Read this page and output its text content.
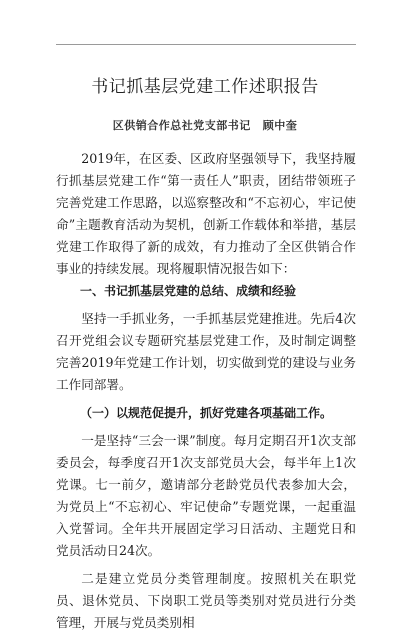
书记抓基层党建工作述职报告
区供销合作总社党支部书记 顾中奎

2019年，在区委、区政府坚强领导下，我坚持履行抓基层党建工作“第一责任人”职责，团结带领班子完善党建工作思路，以巡察整改和“不忘初心，牢记使命”主题教育活动为契机，创新工作载体和举措，基层党建工作取得了新的成效，有力推动了全区供销合作事业的持续发展。现将履职情况报告如下：

一、书记抓基层党建的总结、成绩和经验

坚持一手抓业务，一手抓基层党建推进。先后4次召开党组会议专题研究基层党建工作，及时制定调整完善2019年党建工作计划，切实做到党的建设与业务工作同部署。

（一）以规范促提升，抓好党建各项基础工作。

一是坚持“三会一课”制度。每月定期召开1次支部委员会，每季度召开1次支部党员大会，每半年上1次党课。七一前夕，邀请部分老龄党员代表参加大会，为党员上“不忘初心、牢记使命”专题党课，一起重温入党誓词。全年共开展固定学习日活动、主题党日和党员活动日24次。

二是建立党员分类管理制度。按照机关在职党员、退休党员、下岗职工党员等类别对党员进行分类管理，开展与党员类别相
